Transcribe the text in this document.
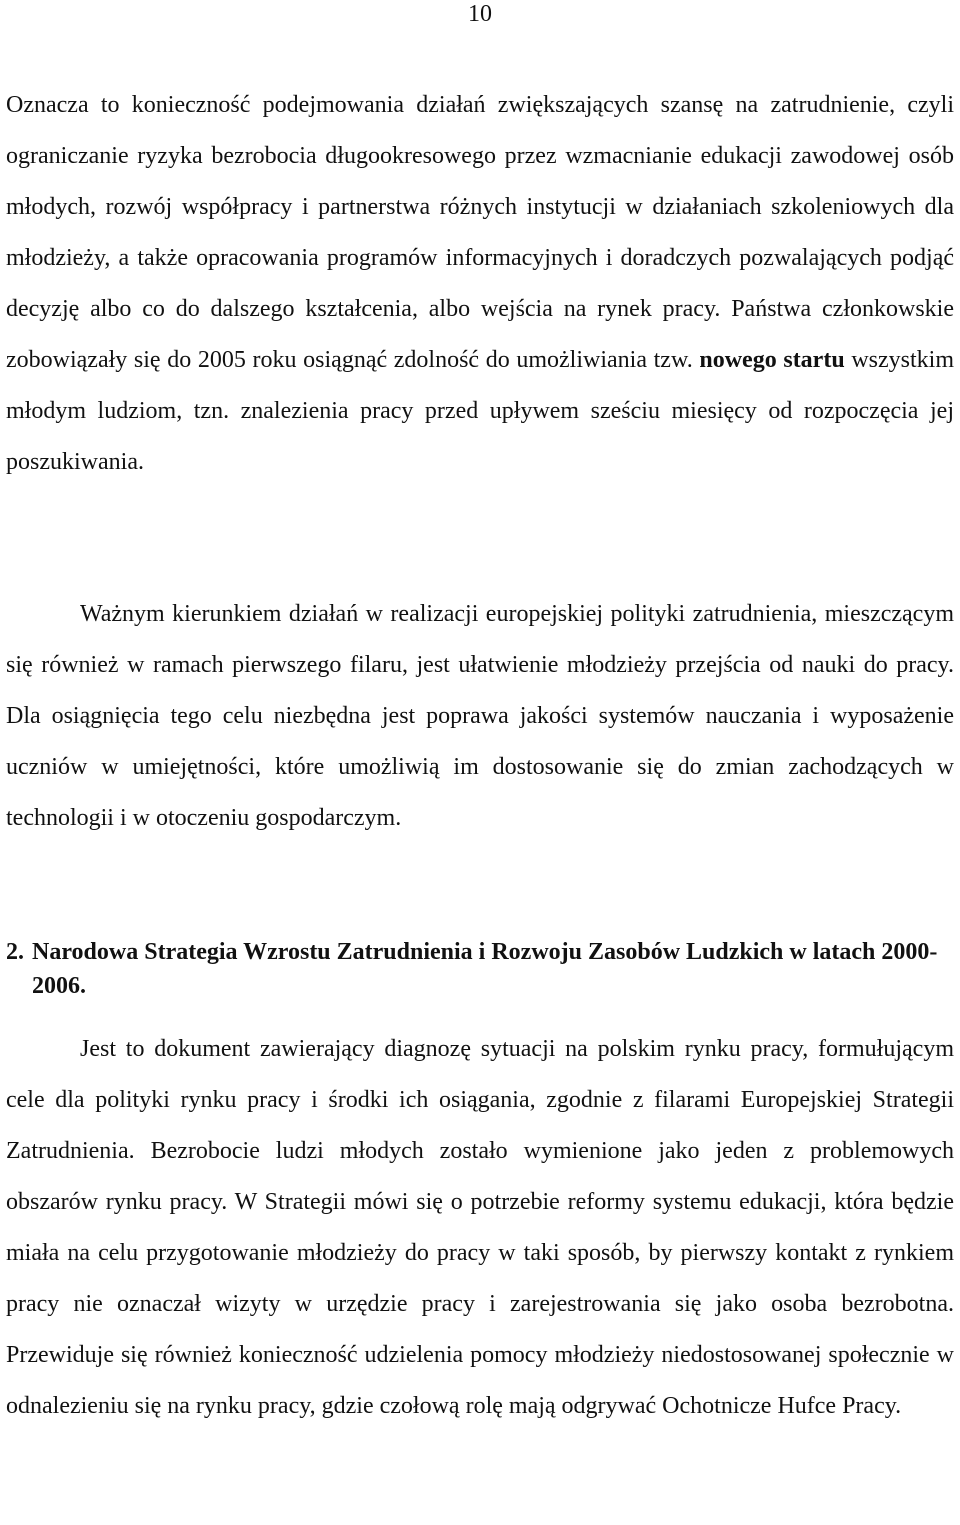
10

Oznacza to konieczność podejmowania działań zwiększających szansę na zatrudnienie, czyli ograniczanie ryzyka bezrobocia długookresowego przez wzmacnianie edukacji zawodowej osób młodych, rozwój współpracy i partnerstwa różnych instytucji w działaniach szkoleniowych dla młodzieży, a także opracowania programów informacyjnych i doradczych pozwalających podjąć decyzję albo co do dalszego kształcenia, albo wejścia na rynek pracy. Państwa członkowskie zobowiązały się do 2005 roku osiągnąć zdolność do umożliwiania tzw. nowego startu wszystkim młodym ludziom, tzn. znalezienia pracy przed upływem sześciu miesięcy od rozpoczęcia jej poszukiwania.

Ważnym kierunkiem działań w realizacji europejskiej polityki zatrudnienia, mieszczącym się również w ramach pierwszego filaru, jest ułatwienie młodzieży przejścia od nauki do pracy. Dla osiągnięcia tego celu niezbędna jest poprawa jakości systemów nauczania i wyposażenie uczniów w umiejętności, które umożliwią im dostosowanie się do zmian zachodzących w technologii i w otoczeniu gospodarczym.

2. Narodowa Strategia Wzrostu Zatrudnienia i Rozwoju Zasobów Ludzkich w latach 2000-2006.

Jest to dokument zawierający diagnozę sytuacji na polskim rynku pracy, formułującym cele dla polityki rynku pracy i środki ich osiągania, zgodnie z filarami Europejskiej Strategii Zatrudnienia. Bezrobocie ludzi młodych zostało wymienione jako jeden z problemowych obszarów rynku pracy. W Strategii mówi się o potrzebie reformy systemu edukacji, która będzie miała na celu przygotowanie młodzieży do pracy w taki sposób, by pierwszy kontakt z rynkiem pracy nie oznaczał wizyty w urzędzie pracy i zarejestrowania się jako osoba bezrobotna. Przewiduje się również konieczność udzielenia pomocy młodzieży niedostosowanej społecznie w odnalezieniu się na rynku pracy, gdzie czołową rolę mają odgrywać Ochotnicze Hufce Pracy.
